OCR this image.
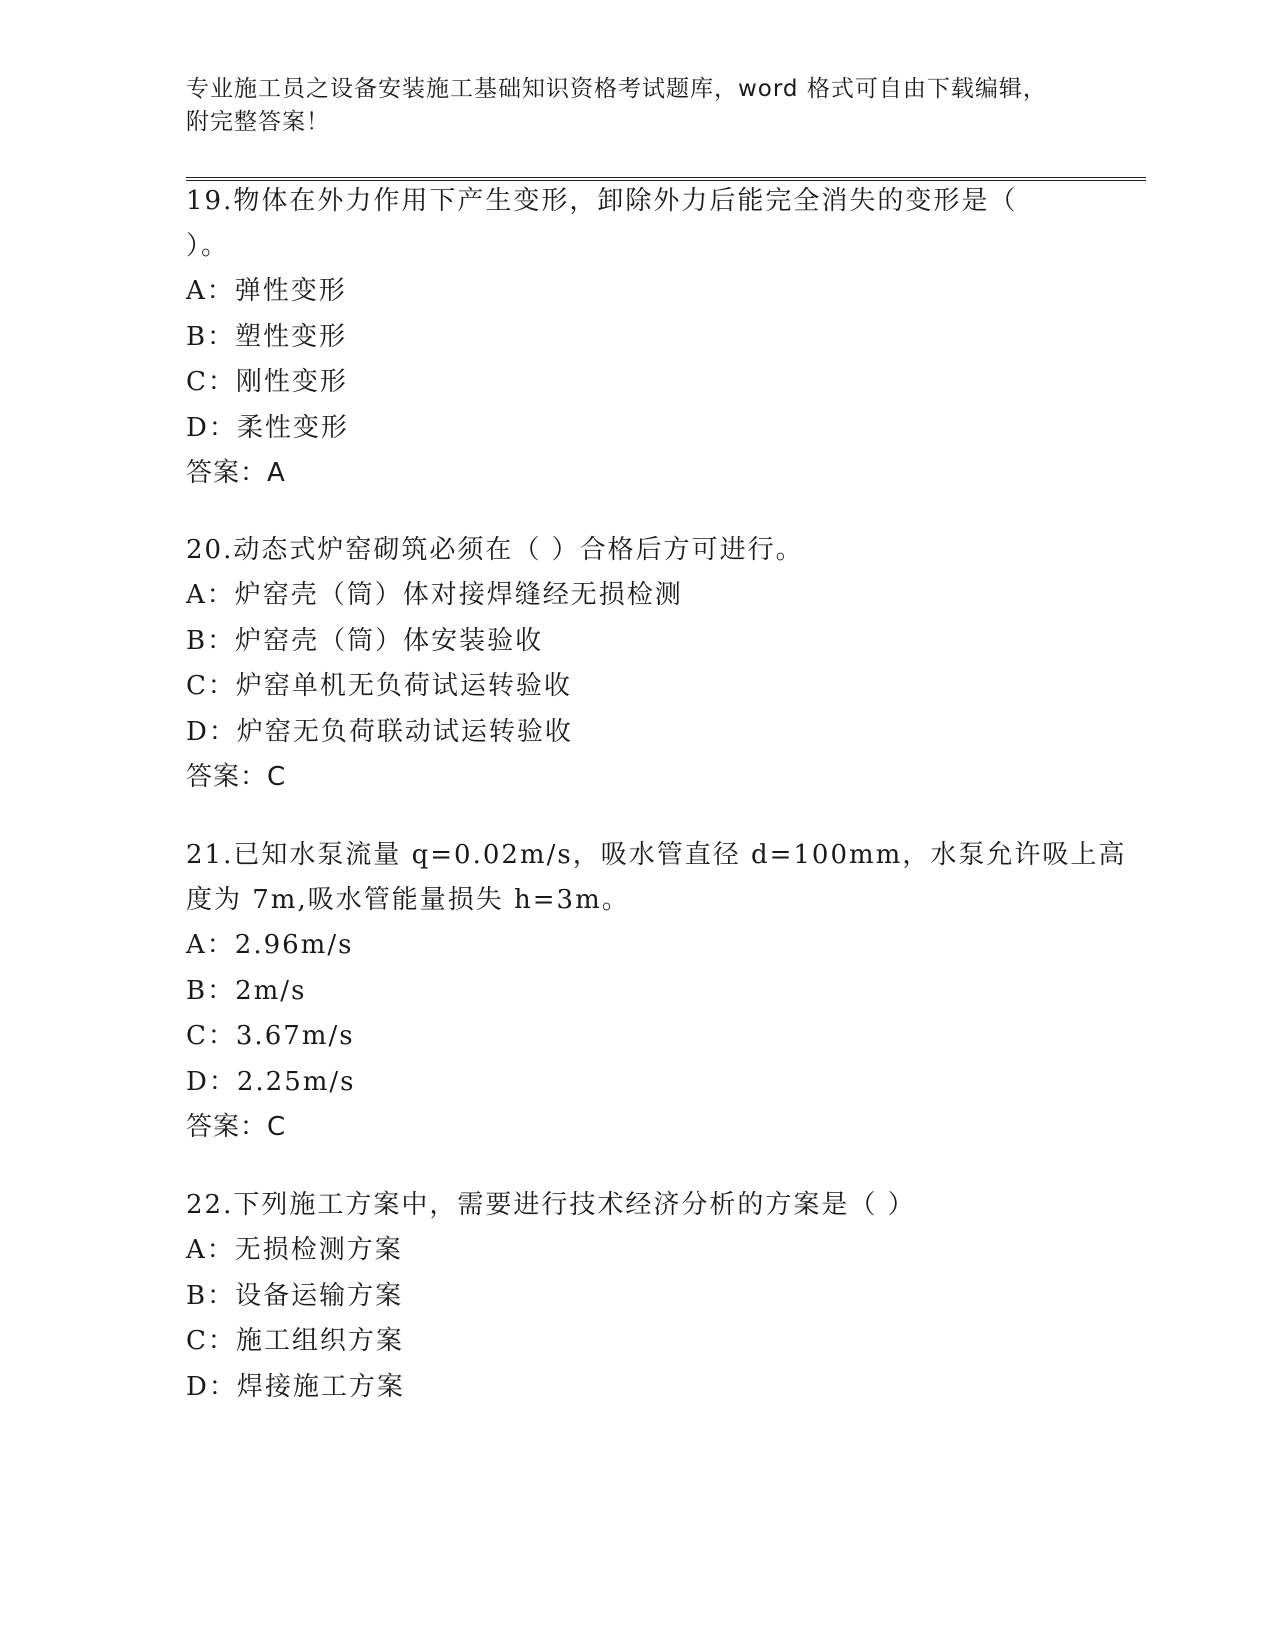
专业施工员之设备安装施工基础知识资格考试题库，word 格式可自由下载编辑，
附完整答案！
19.物体在外力作用下产生变形，卸除外力后能完全消失的变形是（
）。
A：弹性变形
B：塑性变形
C：刚性变形
D：柔性变形
答案：A
20.动态式炉窑砌筑必须在（ ）合格后方可进行。
A：炉窑壳（筒）体对接焊缝经无损检测
B：炉窑壳（筒）体安装验收
C：炉窑单机无负荷试运转验收
D：炉窑无负荷联动试运转验收
答案：C
21.已知水泵流量 q=0.02m/s，吸水管直径 d=100mm，水泵允许吸上高
度为 7m,吸水管能量损失 h=3m。
A：2.96m/s
B：2m/s
C：3.67m/s
D：2.25m/s
答案：C
22.下列施工方案中，需要进行技术经济分析的方案是（ ）
A：无损检测方案
B：设备运输方案
C：施工组织方案
D：焊接施工方案
